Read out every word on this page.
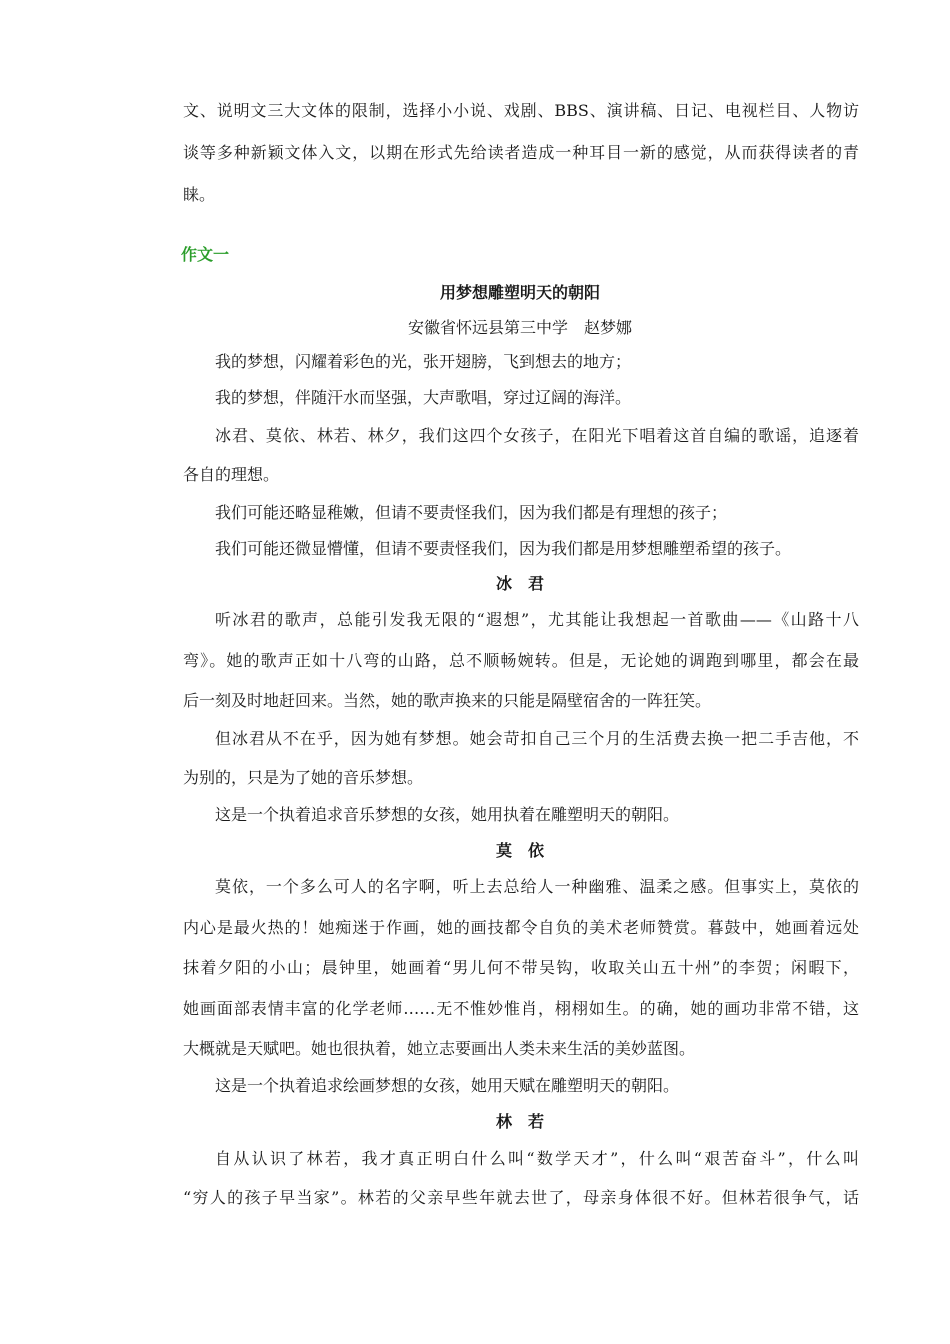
文、说明文三大文体的限制，选择小小说、戏剧、BBS、演讲稿、日记、电视栏目、人物访
谈等多种新颖文体入文，以期在形式先给读者造成一种耳目一新的感觉，从而获得读者的青
睐。
作文一
用梦想雕塑明天的朝阳
安徽省怀远县第三中学　赵梦娜
我的梦想，闪耀着彩色的光，张开翅膀，飞到想去的地方；
我的梦想，伴随汗水而坚强，大声歌唱，穿过辽阔的海洋。
冰君、莫依、林若、林夕，我们这四个女孩子，在阳光下唱着这首自编的歌谣，追逐着
各自的理想。
我们可能还略显稚嫩，但请不要责怪我们，因为我们都是有理想的孩子；
我们可能还微显懵懂，但请不要责怪我们，因为我们都是用梦想雕塑希望的孩子。
冰　君
听冰君的歌声，总能引发我无限的“遐想”，尤其能让我想起一首歌曲——《山路十八
弯》。她的歌声正如十八弯的山路，总不顺畅婉转。但是，无论她的调跑到哪里，都会在最
后一刻及时地赶回来。当然，她的歌声换来的只能是隔壁宿舍的一阵狂笑。
但冰君从不在乎，因为她有梦想。她会苛扣自己三个月的生活费去换一把二手吉他，不
为别的，只是为了她的音乐梦想。
这是一个执着追求音乐梦想的女孩，她用执着在雕塑明天的朝阳。
莫　依
莫依，一个多么可人的名字啊，听上去总给人一种幽雅、温柔之感。但事实上，莫依的
内心是最火热的！她痴迷于作画，她的画技都令自负的美术老师赞赏。暮鼓中，她画着远处
抹着夕阳的小山；晨钟里，她画着“男儿何不带吴钩，收取关山五十州”的李贺；闲暇下，
她画面部表情丰富的化学老师……无不惟妙惟肖，栩栩如生。的确，她的画功非常不错，这
大概就是天赋吧。她也很执着，她立志要画出人类未来生活的美妙蓝图。
这是一个执着追求绘画梦想的女孩，她用天赋在雕塑明天的朝阳。
林　若
自从认识了林若，我才真正明白什么叫“数学天才”，什么叫“艰苦奋斗”，什么叫
“穷人的孩子早当家”。林若的父亲早些年就去世了，母亲身体很不好。但林若很争气，话
